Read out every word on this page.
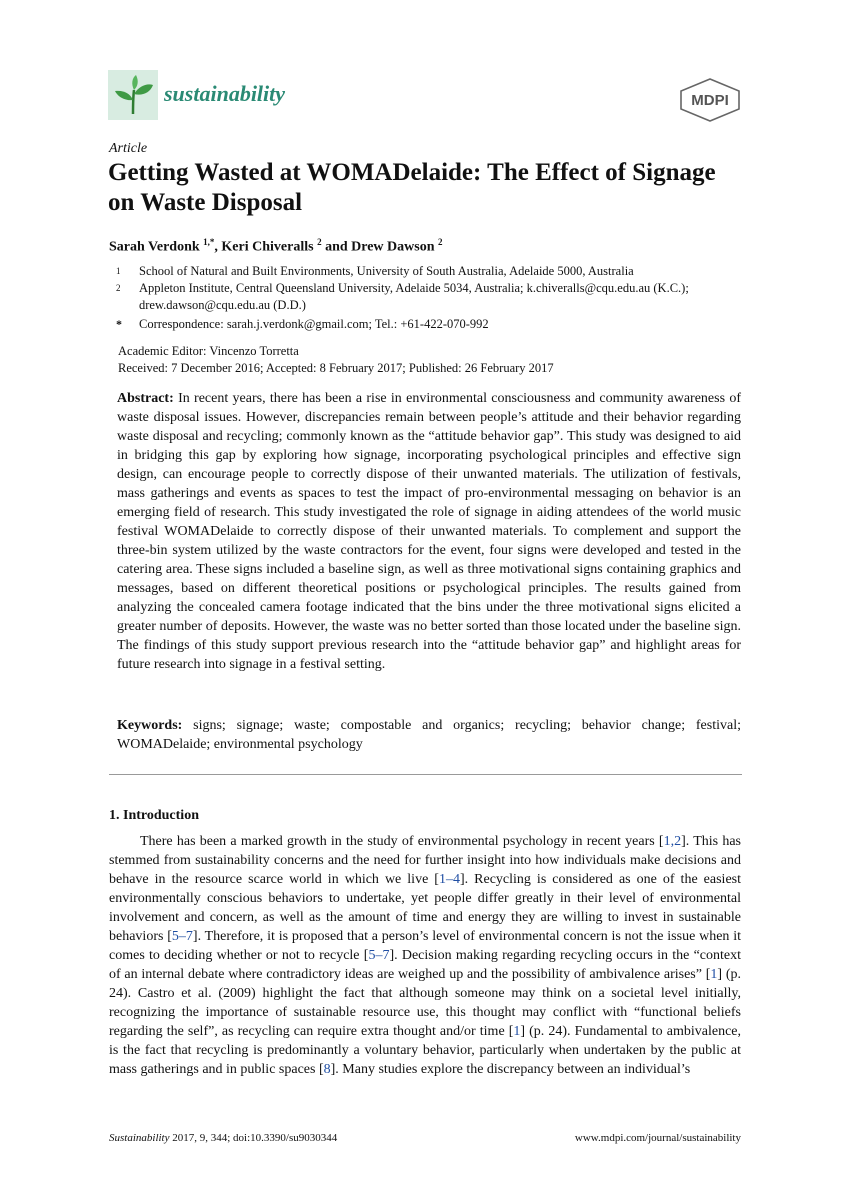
sustainability	MDPI
Article
Getting Wasted at WOMADelaide: The Effect of Signage on Waste Disposal
Sarah Verdonk $^{1,*}$, Keri Chiveralls $^2$ and Drew Dawson $^2$
1 School of Natural and Built Environments, University of South Australia, Adelaide 5000, Australia
2 Appleton Institute, Central Queensland University, Adelaide 5034, Australia; k.chiveralls@cqu.edu.au (K.C.); drew.dawson@cqu.edu.au (D.D.)
* Correspondence: sarah.j.verdonk@gmail.com; Tel.: +61-422-070-992
Academic Editor: Vincenzo Torretta
Received: 7 December 2016; Accepted: 8 February 2017; Published: 26 February 2017
Abstract: In recent years, there has been a rise in environmental consciousness and community awareness of waste disposal issues. However, discrepancies remain between people’s attitude and their behavior regarding waste disposal and recycling; commonly known as the “attitude behavior gap”. This study was designed to aid in bridging this gap by exploring how signage, incorporating psychological principles and effective sign design, can encourage people to correctly dispose of their unwanted materials. The utilization of festivals, mass gatherings and events as spaces to test the impact of pro-environmental messaging on behavior is an emerging field of research. This study investigated the role of signage in aiding attendees of the world music festival WOMADelaide to correctly dispose of their unwanted materials. To complement and support the three-bin system utilized by the waste contractors for the event, four signs were developed and tested in the catering area. These signs included a baseline sign, as well as three motivational signs containing graphics and messages, based on different theoretical positions or psychological principles. The results gained from analyzing the concealed camera footage indicated that the bins under the three motivational signs elicited a greater number of deposits. However, the waste was no better sorted than those located under the baseline sign. The findings of this study support previous research into the “attitude behavior gap” and highlight areas for future research into signage in a festival setting.
Keywords: signs; signage; waste; compostable and organics; recycling; behavior change; festival; WOMADelaide; environmental psychology
1. Introduction
There has been a marked growth in the study of environmental psychology in recent years [1,2]. This has stemmed from sustainability concerns and the need for further insight into how individuals make decisions and behave in the resource scarce world in which we live [1–4]. Recycling is considered as one of the easiest environmentally conscious behaviors to undertake, yet people differ greatly in their level of environmental involvement and concern, as well as the amount of time and energy they are willing to invest in sustainable behaviors [5–7]. Therefore, it is proposed that a person’s level of environmental concern is not the issue when it comes to deciding whether or not to recycle [5–7]. Decision making regarding recycling occurs in the “context of an internal debate where contradictory ideas are weighed up and the possibility of ambivalence arises” [1] (p. 24). Castro et al. (2009) highlight the fact that although someone may think on a societal level initially, recognizing the importance of sustainable resource use, this thought may conflict with “functional beliefs regarding the self”, as recycling can require extra thought and/or time [1] (p. 24). Fundamental to ambivalence, is the fact that recycling is predominantly a voluntary behavior, particularly when undertaken by the public at mass gatherings and in public spaces [8]. Many studies explore the discrepancy between an individual’s
Sustainability 2017, 9, 344; doi:10.3390/su9030344	www.mdpi.com/journal/sustainability
